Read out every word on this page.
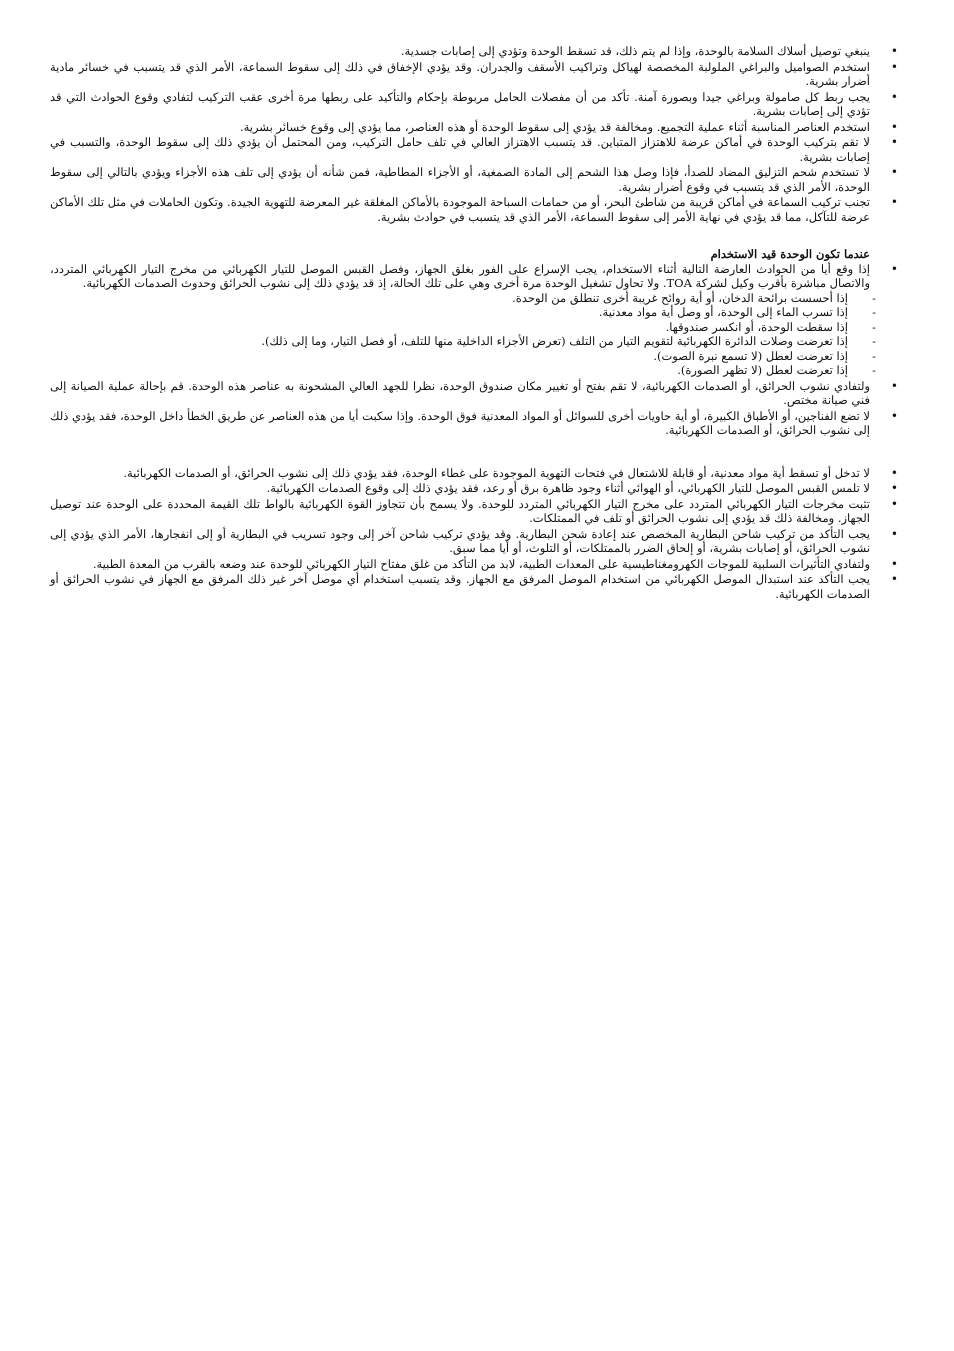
• ينبغي توصيل أسلاك السلامة بالوحدة، وإذا لم يتم ذلك، قد تسقط الوحدة وتؤدي إلى إصابات جسدية.
• استخدم الصواميل والبراغي الملولبة المخصصة لهياكل وتراكيب الأسقف والجدران. وقد يؤدي الإخفاق في ذلك إلى سقوط السماعة، الأمر الذي قد يتسبب في خسائر مادية أضرار بشرية.
• يجب ربط كل صامولة وبراغي جيدا وبصورة آمنة. تأكد من أن مفصلات الحامل مربوطة بإحكام والتأكيد على ربطها مرة أخرى عقب التركيب لتفادي وقوع الحوادث التي قد تؤدي إلى إصابات بشرية.
• استخدم العناصر المناسبة أثناء عملية التجميع. ومخالفة قد يؤدي إلى سقوط الوحدة أو هذه العناصر، مما يؤدي إلى وقوع خسائر بشرية.
• لا تقم بتركيب الوحدة في أماكن عرضة للاهتزاز المتباين. قد يتسبب الاهتزاز العالي في تلف حامل التركيب، ومن المحتمل أن يؤدي ذلك إلى سقوط الوحدة، والتسبب في إصابات بشرية.
• لا تستخدم شحم التزليق المضاد للصدأ، فإذا وصل هذا الشحم إلى المادة الصمغية، أو الأجزاء المطاطية، فمن شأنه أن يؤدي إلى تلف هذه الأجزاء ويؤدي بالتالي إلى سقوط الوحدة، الأمر الذي قد يتسبب في وقوع أضرار بشرية.
• تجنب تركيب السماعة في أماكن قريبة من شاطئ البحر، أو من حمامات السباحة الموجودة بالأماكن المغلقة غير المعرضة للتهوية الجيدة. وتكون الحاملات في مثل تلك الأماكن عرضة للتآكل، مما قد يؤدي في نهاية الأمر إلى سقوط السماعة، الأمر الذي قد يتسبب في حوادث بشرية.
عندما تكون الوحدة قيد الاستخدام
• إذا وقع أيا من الحوادث العارضة التالية أثناء الاستخدام، يجب الإسراع على الفور بغلق الجهاز، وفصل القبس الموصل للتيار الكهربائي من مخرج التيار الكهربائي المتردد، والاتصال مباشرة بأقرب وكيل لشركة TOA. ولا تحاول تشغيل الوحدة مرة أخرى وهي على تلك الحالة، إذ قد يؤدي ذلك إلى نشوب الحرائق وحدوث الصدمات الكهربائية.
- إذا أحسست برائحة الدخان، أو أية روائح غريبة أخرى تنطلق من الوحدة.
- إذا تسرب الماء إلى الوحدة، أو وصل أية مواد معدنية.
- إذا سقطت الوحدة، أو انكسر صندوقها.
- إذا تعرضت وصلات الدائرة الكهربائية لتقويم التيار من التلف (تعرض الأجزاء الداخلية منها للتلف، أو فصل التيار، وما إلى ذلك).
- إذا تعرضت لعطل (لا تسمع نبرة الصوت).
- إذا تعرضت لعطل (لا تظهر الصورة).
• ولتفادي نشوب الحرائق، أو الصدمات الكهربائية، لا تقم بفتح أو تغيير مكان صندوق الوحدة، نظرا للجهد العالي المشحونة به عناصر هذه الوحدة. قم بإحالة عملية الصيانة إلى فني صيانة مختص.
• لا تضع الفناجين، أو الأطباق الكبيرة، أو أية حاويات أخرى للسوائل أو المواد المعدنية فوق الوحدة. وإذا سكبت أيا من هذه العناصر عن طريق الخطأ داخل الوحدة، فقد يؤدي ذلك إلى نشوب الحرائق، أو الصدمات الكهربائية.
• لا تدخل أو تسقط أية مواد معدنية، أو قابلة للاشتعال في فتحات التهوية الموجودة على غطاء الوحدة، فقد يؤدي ذلك إلى نشوب الحرائق، أو الصدمات الكهربائية.
• لا تلمس القبس الموصل للتيار الكهربائي، أو الهوائي أثناء وجود ظاهرة برق أو رعد، فقد يؤدي ذلك إلى وقوع الصدمات الكهربائية.
• تثبت مخرجات التيار الكهربائي المتردد على مخرج التيار الكهربائي المتردد للوحدة. ولا يسمح بأن تتجاوز القوة الكهربائية بالواط تلك القيمة المحددة على الوحدة عند توصيل الجهاز. ومخالفة ذلك قد يؤدي إلى نشوب الحرائق أو تلف في الممتلكات.
• يجب التأكد من تركيب شاحن البطارية المخصص عند إعادة شحن البطارية. وقد يؤدي تركيب شاحن آخر إلى وجود تسريب في البطارية أو إلى انفجارها، الأمر الذي يؤدي إلى نشوب الحرائق، أو إصابات بشرية، أو إلحاق الضرر بالممتلكات، أو التلوث، أو أيا مما سبق.
• ولتفادي التأثيرات السلبية للموجات الكهرومغناطيسية على المعدات الطبية، لابد من التأكد من غلق مفتاح التيار الكهربائي للوحدة عند وضعه بالقرب من المعدة الطبية.
• يجب التأكد عند استبدال الموصل الكهربائي من استخدام الموصل المرفق مع الجهاز. وقد يتسبب استخدام أي موصل آخر غير ذلك المرفق مع الجهاز في نشوب الحرائق أو الصدمات الكهربائية.
